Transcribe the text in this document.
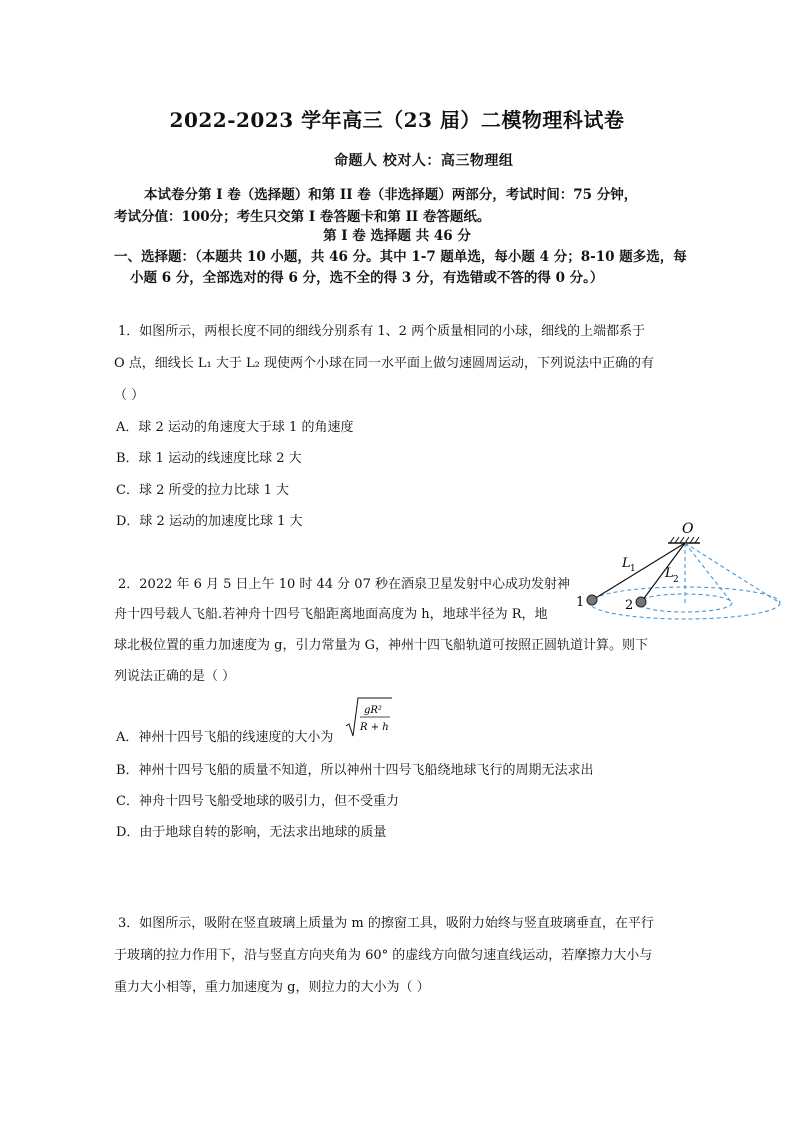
2022-2023 学年高三（23 届）二模物理科试卷
命题人 校对人：高三物理组
本试卷分第 I 卷（选择题）和第 II 卷（非选择题）两部分，考试时间：75 分钟，
考试分值：100分；考生只交第 I 卷答题卡和第 II 卷答题纸。
第 I 卷 选择题 共 46 分
一、选择题：（本题共 10 小题，共 46 分。其中 1-7 题单选，每小题 4 分；8-10 题多选，每
小题 6 分，全部选对的得 6 分，选不全的得 3 分，有选错或不答的得 0 分。）
1．如图所示，两根长度不同的细线分别系有 1、2 两个质量相同的小球，细线的上端都系于
O 点，细线长 L₁ 大于 L₂ 现使两个小球在同一水平面上做匀速圆周运动，下列说法中正确的有
（ ）
A．球 2 运动的角速度大于球 1 的角速度
B．球 1 运动的线速度比球 2 大
C．球 2 所受的拉力比球 1 大
D．球 2 运动的加速度比球 1 大	O
L 1 L 2
1	2
2．2022 年 6 月 5 日上午 10 时 44 分 07 秒在酒泉卫星发射中心成功发射神
舟十四号载人飞船.若神舟十四号飞船距离地面高度为 h，地球半径为 R，地
球北极位置的重力加速度为 g，引力常量为 G，神州十四飞船轨道可按照正圆轨道计算。则下
列说法正确的是（ ）
A．神州十四号飞船的线速度的大小为
gR²
R + h
B．神州十四号飞船的质量不知道，所以神州十四号飞船绕地球飞行的周期无法求出
C．神舟十四号飞船受地球的吸引力，但不受重力
D．由于地球自转的影响，无法求出地球的质量
3．如图所示，吸附在竖直玻璃上质量为 m 的擦窗工具，吸附力始终与竖直玻璃垂直，在平行
于玻璃的拉力作用下，沿与竖直方向夹角为 60° 的虚线方向做匀速直线运动，若摩擦力大小与
重力大小相等，重力加速度为 g，则拉力的大小为（ ）
